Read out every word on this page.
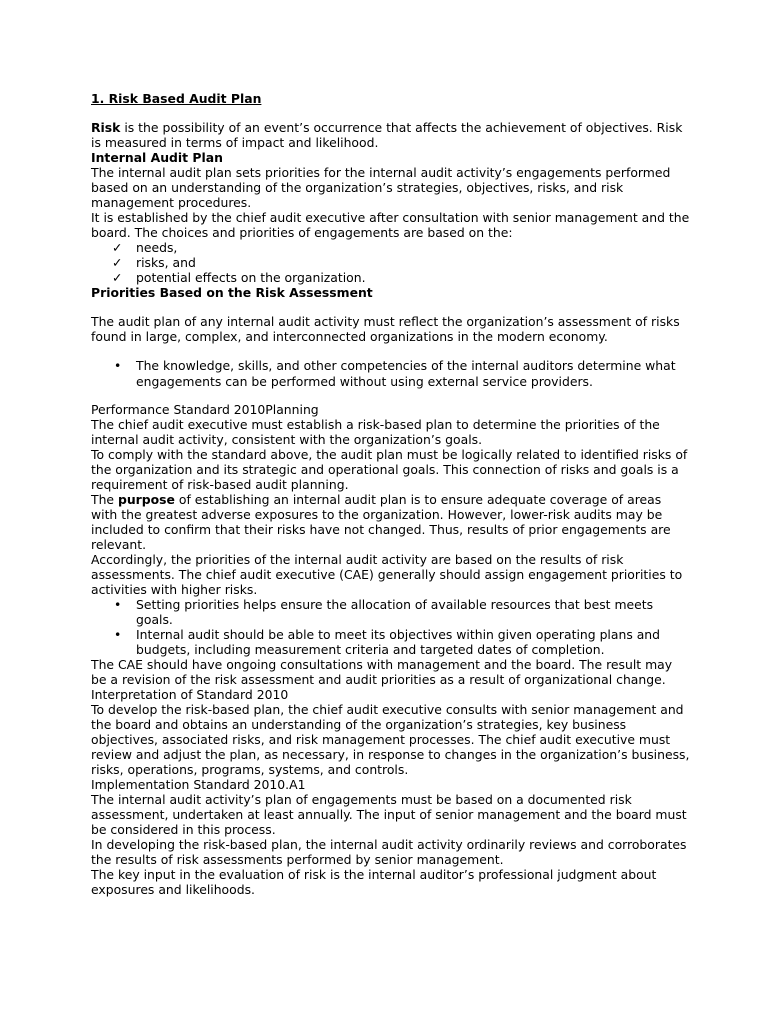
1. Risk Based Audit Plan

Risk is the possibility of an event’s occurrence that affects the achievement of objectives. Risk is measured in terms of impact and likelihood.

Internal Audit Plan

The internal audit plan sets priorities for the internal audit activity’s engagements performed based on an understanding of the organization’s strategies, objectives, risks, and risk management procedures.

It is established by the chief audit executive after consultation with senior management and the board. The choices and priorities of engagements are based on the:

✓ needs,
✓ risks, and
✓ potential effects on the organization.

Priorities Based on the Risk Assessment

The audit plan of any internal audit activity must reflect the organization’s assessment of risks found in large, complex, and interconnected organizations in the modern economy.

• The knowledge, skills, and other competencies of the internal auditors determine what engagements can be performed without using external service providers.

Performance Standard 2010Planning

The chief audit executive must establish a risk-based plan to determine the priorities of the internal audit activity, consistent with the organization’s goals.

To comply with the standard above, the audit plan must be logically related to identified risks of the organization and its strategic and operational goals. This connection of risks and goals is a requirement of risk-based audit planning.

The purpose of establishing an internal audit plan is to ensure adequate coverage of areas with the greatest adverse exposures to the organization. However, lower-risk audits may be included to confirm that their risks have not changed. Thus, results of prior engagements are relevant.

Accordingly, the priorities of the internal audit activity are based on the results of risk assessments. The chief audit executive (CAE) generally should assign engagement priorities to activities with higher risks.

• Setting priorities helps ensure the allocation of available resources that best meets goals.
• Internal audit should be able to meet its objectives within given operating plans and budgets, including measurement criteria and targeted dates of completion.

The CAE should have ongoing consultations with management and the board. The result may be a revision of the risk assessment and audit priorities as a result of organizational change.

Interpretation of Standard 2010

To develop the risk-based plan, the chief audit executive consults with senior management and the board and obtains an understanding of the organization’s strategies, key business objectives, associated risks, and risk management processes. The chief audit executive must review and adjust the plan, as necessary, in response to changes in the organization’s business, risks, operations, programs, systems, and controls.

Implementation Standard 2010.A1

The internal audit activity’s plan of engagements must be based on a documented risk assessment, undertaken at least annually. The input of senior management and the board must be considered in this process.

In developing the risk-based plan, the internal audit activity ordinarily reviews and corroborates the results of risk assessments performed by senior management.

The key input in the evaluation of risk is the internal auditor’s professional judgment about exposures and likelihoods.
